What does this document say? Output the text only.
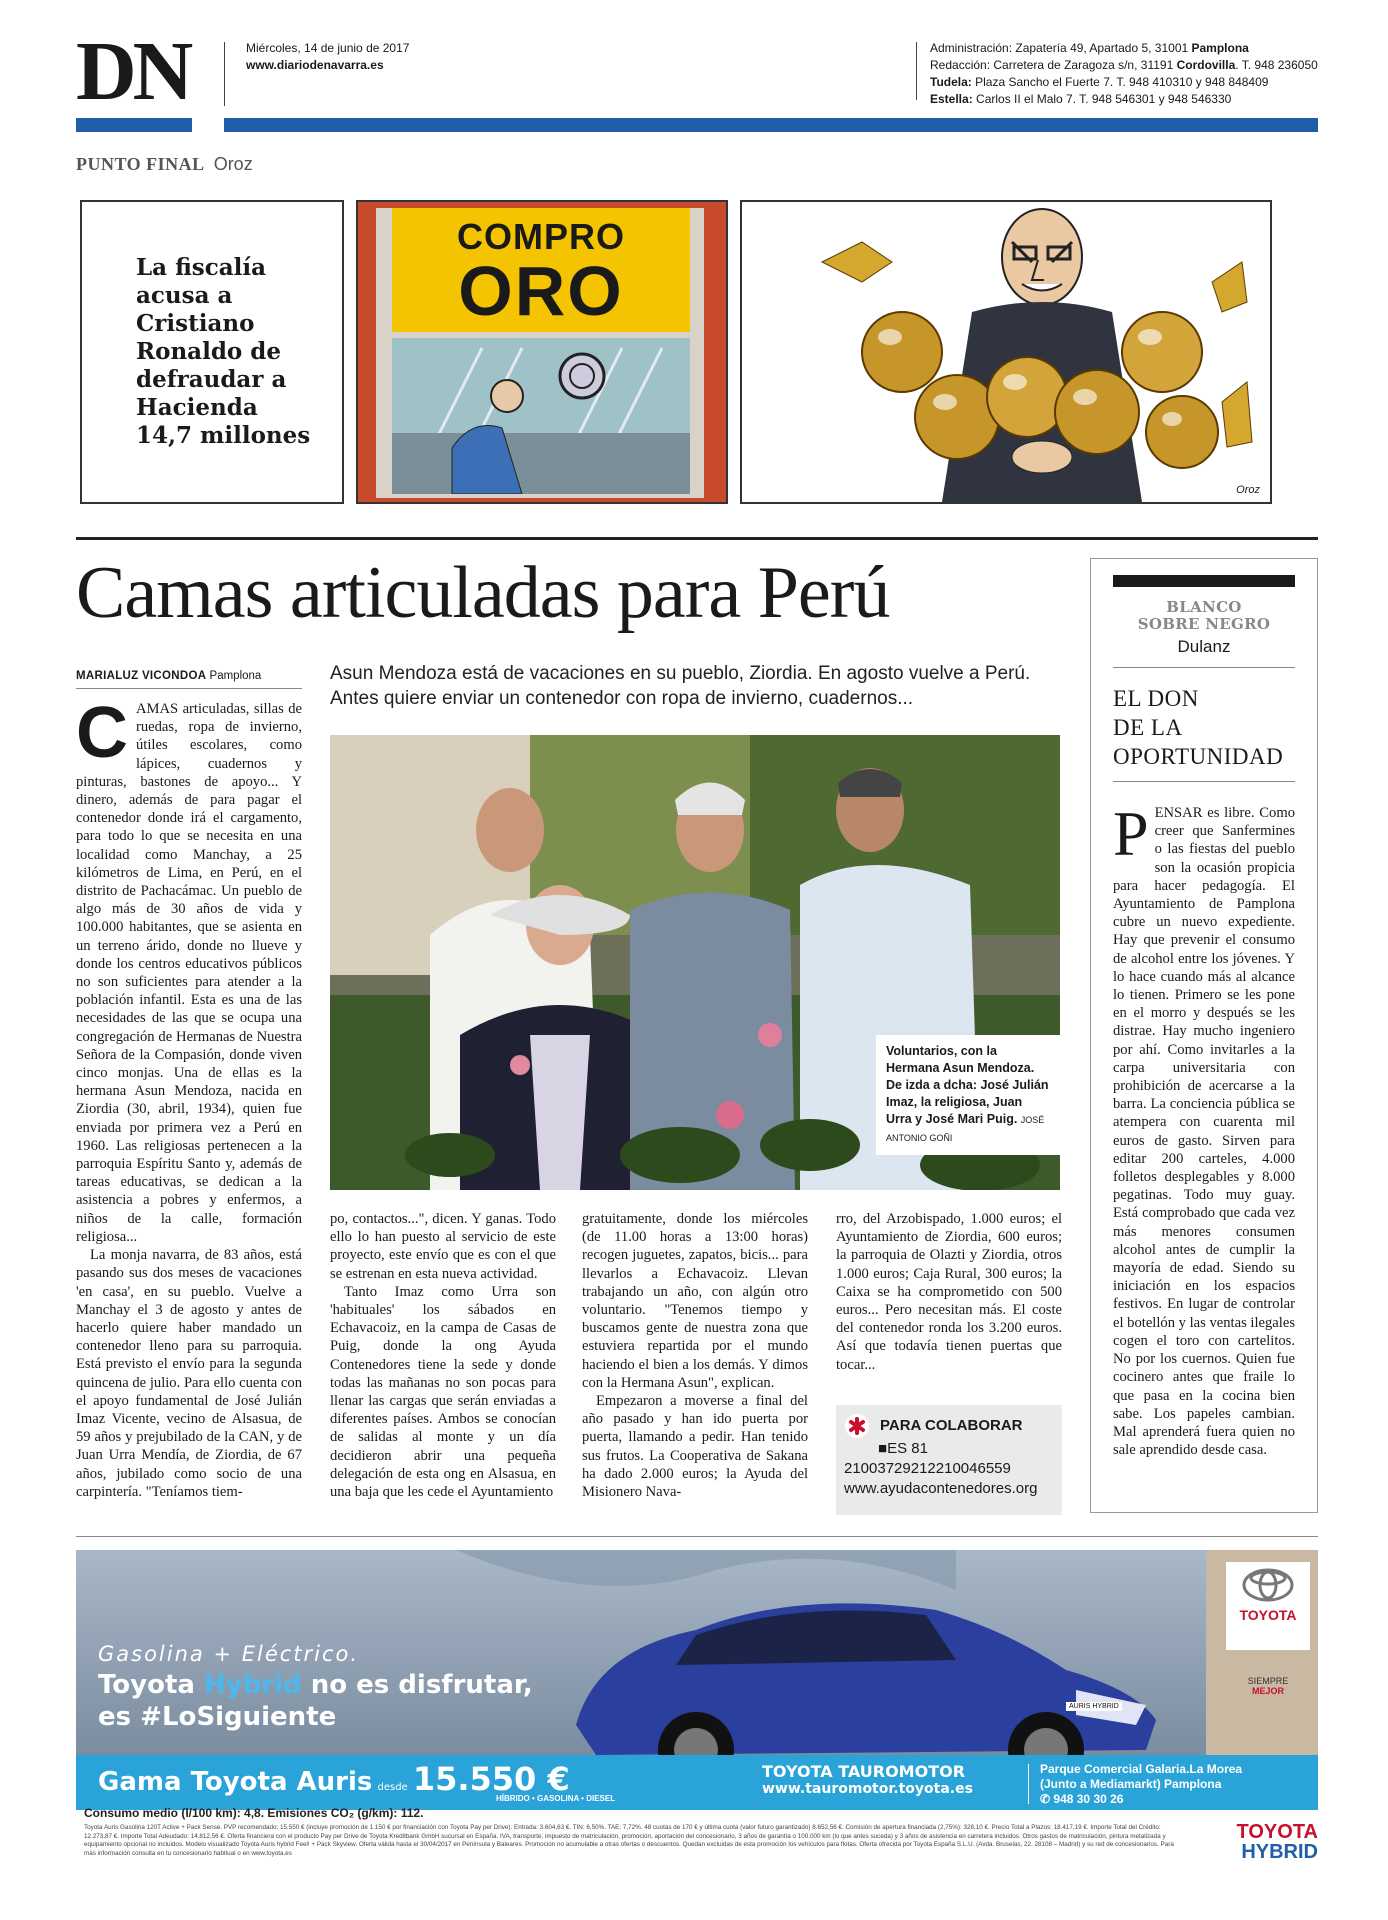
DN	Miércoles, 14 de junio de 2017
www.diariodenavarra.es
Administración: Zapatería 49, Apartado 5, 31001 Pamplona
Redacción: Carretera de Zaragoza s/n, 31191 Cordovilla. T. 948 236050
Tudela: Plaza Sancho el Fuerte 7. T. 948 410310 y 948 848409
Estella: Carlos II el Malo 7. T. 948 546301 y 948 546330
PUNTO FINAL Oroz
La fiscalía
acusa a
Cristiano
Ronaldo de
defraudar a
Hacienda
14,7 millones
COMPRO
ORO
Oroz
Camas articuladas para Perú
MARIALUZ VICONDOA Pamplona	Asun Mendoza está de vacaciones en su pueblo, Ziordia. En agosto vuelve a Perú. Antes quiere enviar un contenedor con ropa de invierno, cuadernos...
Voluntarios, con la Hermana Asun Mendoza. De izda a dcha: José Julián Imaz, la religiosa, Juan Urra y José Mari Puig. JOSÉ ANTONIO GOÑI
C AMAS articuladas, sillas de ruedas, ropa de invierno, útiles escolares, como lápices, cuadernos y pinturas, bastones de apoyo... Y dinero, además de para pagar el contenedor donde irá el cargamento, para todo lo que se necesita en una localidad como Manchay, a 25 kilómetros de Lima, en Perú, en el distrito de Pachacámac. Un pueblo de algo más de 30 años de vida y 100.000 habitantes, que se asienta en un terreno árido, donde no llueve y donde los centros educativos públicos no son suficientes para atender a la población infantil. Esta es una de las necesidades de las que se ocupa una congregación de Hermanas de Nuestra Señora de la Compasión, donde viven cinco monjas. Una de ellas es la hermana Asun Mendoza, nacida en Ziordia (30, abril, 1934), quien fue enviada por primera vez a Perú en 1960. Las religiosas pertenecen a la parroquia Espíritu Santo y, además de tareas educativas, se dedican a la asistencia a pobres y enfermos, a niños de la calle, formación religiosa...

La monja navarra, de 83 años, está pasando sus dos meses de vacaciones 'en casa', en su pueblo. Vuelve a Manchay el 3 de agosto y antes de hacerlo quiere haber mandado un contenedor lleno para su parroquia. Está previsto el envío para la segunda quincena de julio. Para ello cuenta con el apoyo fundamental de José Julián Imaz Vicente, vecino de Alsasua, de 59 años y prejubilado de la CAN, y de Juan Urra Mendía, de Ziordia, de 67 años, jubilado como socio de una carpintería. "Teníamos tiem-

po, contactos...", dicen. Y ganas. Todo ello lo han puesto al servicio de este proyecto, este envío que es con el que se estrenan en esta nueva actividad.

Tanto Imaz como Urra son 'habituales' los sábados en Echavacoiz, en la campa de Casas de Puig, donde la ong Ayuda Contenedores tiene la sede y donde todas las mañanas no son pocas para llenar las cargas que serán enviadas a diferentes países. Ambos se conocían de salidas al monte y un día decidieron abrir una pequeña delegación de esta ong en Alsasua, en una baja que les cede el Ayuntamiento

gratuitamente, donde los miércoles (de 11.00 horas a 13:00 horas) recogen juguetes, zapatos, bicis... para llevarlos a Echavacoiz. Llevan trabajando un año, con algún otro voluntario. "Tenemos tiempo y buscamos gente de nuestra zona que estuviera repartida por el mundo haciendo el bien a los demás. Y dimos con la Hermana Asun", explican.

Empezaron a moverse a final del año pasado y han ido puerta por puerta, llamando a pedir. Han tenido sus frutos. La Cooperativa de Sakana ha dado 2.000 euros; la Ayuda del Misionero Nava-

rro, del Arzobispado, 1.000 euros; el Ayuntamiento de Ziordia, 600 euros; la parroquia de Olazti y Ziordia, otros 1.000 euros; Caja Rural, 300 euros; la Caixa se ha comprometido con 500 euros... Pero necesitan más. El coste del contenedor ronda los 3.200 euros. Así que todavía tienen puertas que tocar...

PARA COLABORAR
■ES 81
21003729212210046559
www.ayudacontenedores.org
BLANCO
SOBRE NEGRO
Dulanz
EL DON
DE LA
OPORTUNIDAD
P ENSAR es libre. Como creer que Sanfermines o las fiestas del pueblo son la ocasión propicia para hacer pedagogía. El Ayuntamiento de Pamplona cubre un nuevo expediente. Hay que prevenir el consumo de alcohol entre los jóvenes. Y lo hace cuando más al alcance lo tienen. Primero se les pone en el morro y después se les distrae. Hay mucho ingeniero por ahí. Como invitarles a la carpa universitaria con prohibición de acercarse a la barra. La conciencia pública se atempera con cuarenta mil euros de gasto. Sirven para editar 200 carteles, 4.000 folletos desplegables y 8.000 pegatinas. Todo muy guay. Está comprobado que cada vez más menores consumen alcohol antes de cumplir la mayoría de edad. Siendo su iniciación en los espacios festivos. En lugar de controlar el botellón y las ventas ilegales cogen el toro con cartelitos. No por los cuernos. Quien fue cocinero antes que fraile lo que pasa en la cocina bien sabe. Los papeles cambian. Mal aprenderá fuera quien no sale aprendido desde casa.

Gasolina + Eléctrico.
Toyota Hybrid no es disfrutar,
es #LoSiguiente	AURIS HYBRID
TOYOTA
SIEMPRE
MEJOR
Gama Toyota Auris desde 15.550 €
HÍBRIDO • GASOLINA • DIESEL
TOYOTA TAUROMOTOR
www.tauromotor.toyota.es
Parque Comercial Galaria.La Morea
(Junto a Mediamarkt) Pamplona
✆ 948 30 30 26
Consumo medio (l/100 km): 4,8. Emisiones CO₂ (g/km): 112.
Toyota Auris Gasolina 120T Active + Pack Sense. PVP recomendado: 15.550 € (incluye promoción de 1.150 € por financiación con Toyota Pay per Drive). Entrada: 3.604,63 €. TIN: 6,50%. TAE: 7,72%. 48 cuotas de 170 € y última cuota (valor futuro garantizado) 8.652,56 €. Comisión de apertura financiada (2,75%): 328,10 €. Precio Total a Plazos: 18.417,19 €. Importe Total del Crédito: 12.273,87 €. Importe Total Adeudado: 14.812,56 €. Oferta financiera con el producto Pay per Drive de Toyota Kreditbank GmbH sucursal en España. IVA, transporte, impuesto de matriculación, promoción, aportación del concesionario, 3 años de garantía o 100.000 km (lo que antes suceda) y 3 años de asistencia en carretera incluidos. Otros gastos de matriculación, pintura metalizada y equipamiento opcional no incluidos. Modelo visualizado Toyota Auris hybrid Feel! + Pack Skyview. Oferta válida hasta el 30/04/2017 en Península y Baleares. Promoción no acumulable a otras ofertas o descuentos. Quedan excluidas de esta promoción los vehículos para flotas. Oferta ofrecida por Toyota España S.L.U. (Avda. Bruselas, 22. 28108 – Madrid) y su red de concesionarios. Para más información consulta en tu concesionario habitual o en www.toyota.es
TOYOTA
HYBRID
